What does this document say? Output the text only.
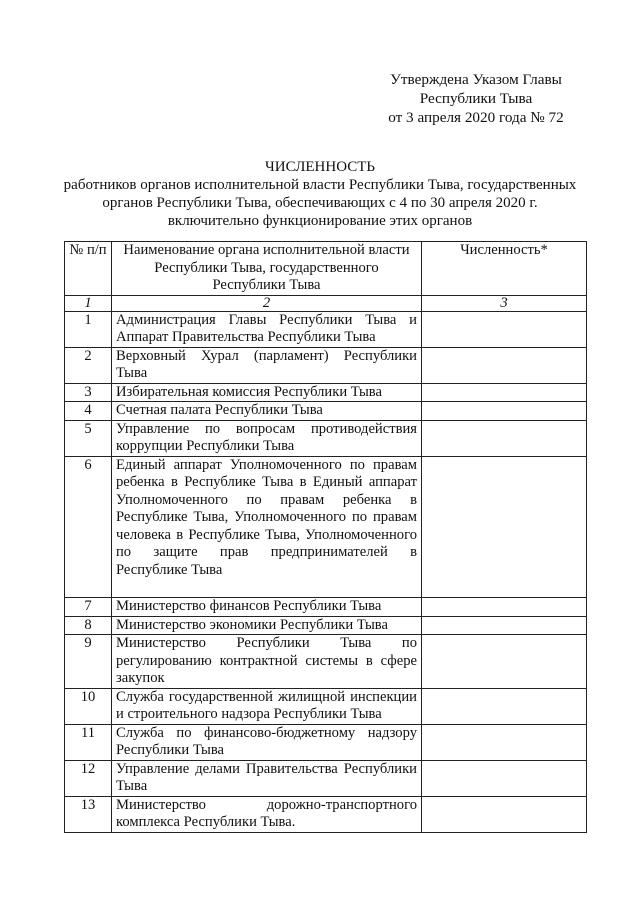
Утверждена Указом Главы
Республики Тыва
от 3 апреля 2020 года № 72
ЧИСЛЕННОСТЬ
работников органов исполнительной власти Республики Тыва, государственных
органов Республики Тыва, обеспечивающих с 4 по 30 апреля 2020 г.
включительно функционирование этих органов
№ п/п	Наименование органа исполнительной власти Республики Тыва, государственного Республики Тыва	Численность*
1	2	3
1	Администрация Главы Республики Тыва и Аппарат Правительства Республики Тыва	
2	Верховный Хурал (парламент) Республики Тыва	
3	Избирательная комиссия Республики Тыва	
4	Счетная палата Республики Тыва	
5	Управление по вопросам противодействия коррупции Республики Тыва	
6	Единый аппарат Уполномоченного по правам ребенка в Республике Тыва в Единый аппарат Уполномоченного по правам ребенка в Республике Тыва, Уполномоченного по правам человека в Республике Тыва, Уполномоченного по защите прав предпринимателей в Республике Тыва	
7	Министерство финансов Республики Тыва	
8	Министерство экономики Республики Тыва	
9	Министерство Республики Тыва по регулированию контрактной системы в сфере закупок	
10	Служба государственной жилищной инспекции и строительного надзора Республики Тыва	
11	Служба по финансово-бюджетному надзору Республики Тыва	
12	Управление делами Правительства Республики Тыва	
13	Министерство дорожно-транспортного комплекса Республики Тыва.	
